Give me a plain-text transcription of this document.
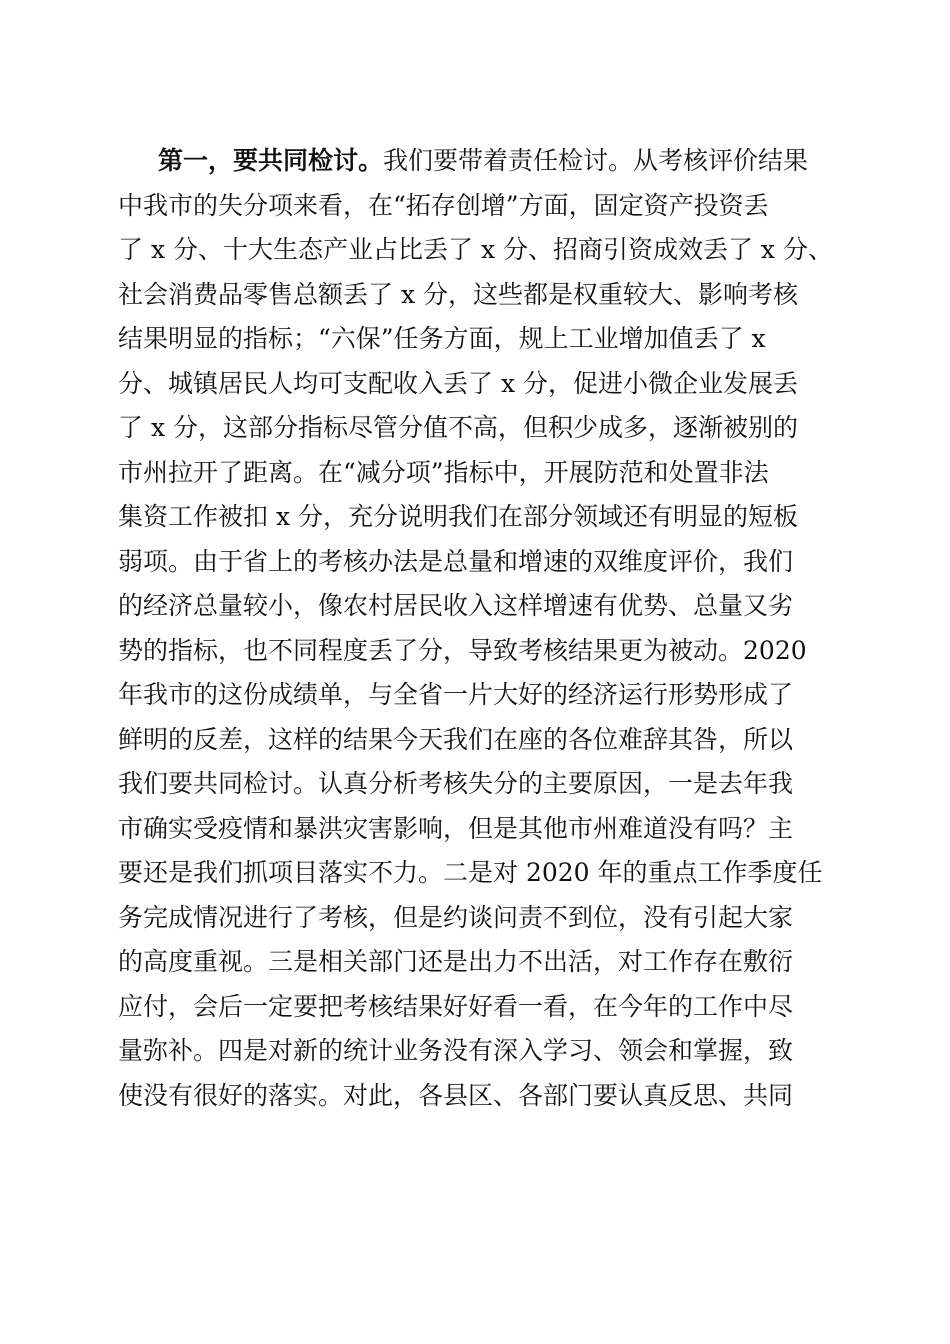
第一，要共同检讨。我们要带着责任检讨。从考核评价结果
中我市的失分项来看，在“拓存创增”方面，固定资产投资丢
了 x 分、十大生态产业占比丢了 x 分、招商引资成效丢了 x 分、
社会消费品零售总额丢了 x 分，这些都是权重较大、影响考核
结果明显的指标；“六保”任务方面，规上工业增加值丢了 x
分、城镇居民人均可支配收入丢了 x 分，促进小微企业发展丢
了 x 分，这部分指标尽管分值不高，但积少成多，逐渐被别的
市州拉开了距离。在“减分项”指标中，开展防范和处置非法
集资工作被扣 x 分，充分说明我们在部分领域还有明显的短板
弱项。由于省上的考核办法是总量和增速的双维度评价，我们
的经济总量较小，像农村居民收入这样增速有优势、总量又劣
势的指标，也不同程度丢了分，导致考核结果更为被动。2020
年我市的这份成绩单，与全省一片大好的经济运行形势形成了
鲜明的反差，这样的结果今天我们在座的各位难辞其咎，所以
我们要共同检讨。认真分析考核失分的主要原因，一是去年我
市确实受疫情和暴洪灾害影响，但是其他市州难道没有吗？主
要还是我们抓项目落实不力。二是对 2020 年的重点工作季度任
务完成情况进行了考核，但是约谈问责不到位，没有引起大家
的高度重视。三是相关部门还是出力不出活，对工作存在敷衍
应付，会后一定要把考核结果好好看一看，在今年的工作中尽
量弥补。四是对新的统计业务没有深入学习、领会和掌握，致
使没有很好的落实。对此，各县区、各部门要认真反思、共同
